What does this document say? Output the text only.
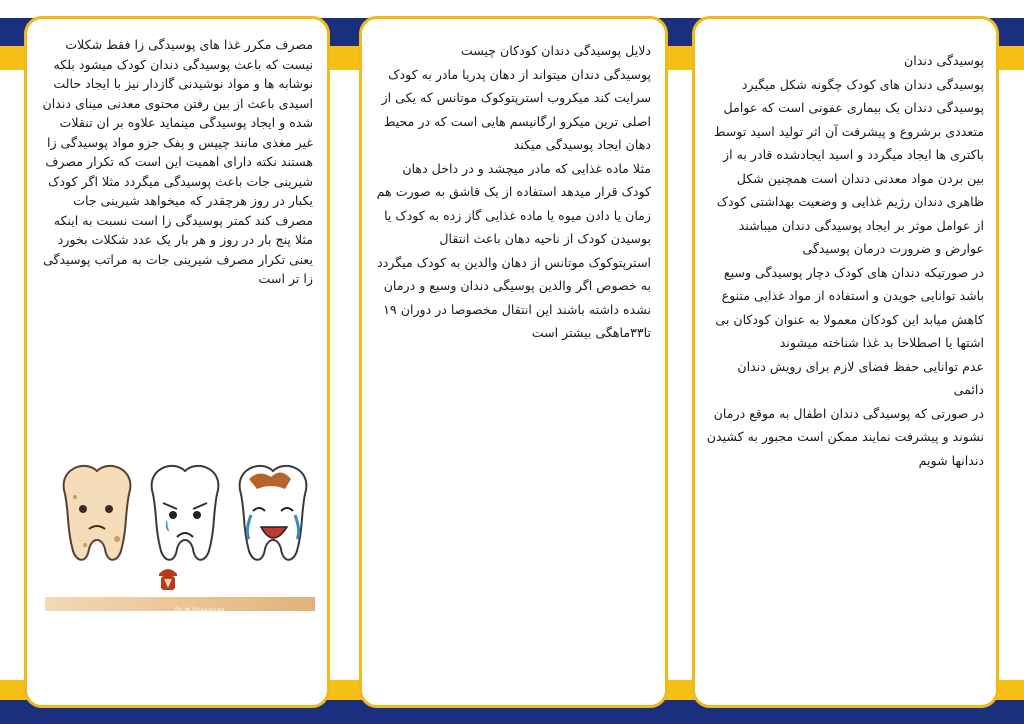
مصرف مکرر غذا های پوسیدگی زا فقط شکلات نیست که باعث پوسیدگی دندان کودک میشود بلکه نوشابه ها و مواد نوشیدنی گازدار نیز با ایجاد حالت اسیدی باعث از بین رفتن محتوی معدنی مینای دندان شده و ایجاد پوسیدگی مینماید علاوه بر ان تنقلات غیر مغذی مانند چیپس و پفک جزو مواد پوسیدگی زا هستند نکته دارای اهمیت این است که تکرار مصرف شیرینی جات باعث پوسیدگی میگردد مثلا اگر کودک یکبار در روز هرچقدر که میخواهد شیرینی جات مصرف کند کمتر پوسیدگی زا است نسبت به اینکه مثلا پنج بار در روز و هر بار یک عدد شکلات بخورد یعنی تکرار مصرف شیرینی جات به مراتب پوسیدگی زا تر است

Dr.M.Shekarian

دلایل پوسیدگی دندان کودکان چیست

پوسیدگی دندان میتواند از دهان پدریا مادر به کودک سرایت کند میکروب استرپتوکوک موتانس که یکی از اصلی ترین میکرو ارگانیسم هایی است که در محیط دهان ایجاد پوسیدگی میکند

مثلا ماده غذایی که مادر میچشد و در داخل دهان کودک قرار میدهد استفاده از یک قاشق به صورت هم زمان یا دادن میوه یا ماده غذایی گاز زده به کودک یا بوسیدن کودک از ناحیه دهان باعث انتقال استرپتوکوک موتانس از دهان والدین به کودک میگردد به خصوص اگر والدین پوسیگی دندان وسیع و درمان نشده داشته باشند این انتقال مخصوصا در دوران ۱۹ تا۳۳ماهگی بیشتر است

پوسیدگی دندان

پوسیدگی دندان های کودک چگونه شکل میگیرد

پوسیدگی دندان یک بیماری عفونی است که عوامل متعددی برشروع و پیشرفت آن اثر تولید اسید توسط باکتری ها ایجاد میگردد و اسید ایجادشده قادر به از بین بردن مواد معدنی دندان است همچنین شکل ظاهری دندان رژیم غذایی و وضعیت بهداشتی کودک از عوامل موثر بر ایجاد پوسیدگی دندان میباشند

عوارض و ضرورت درمان پوسیدگی

در صورتیکه دندان های کودک دچار پوسیدگی وسیع باشد توانایی جویدن و استفاده از مواد غذایی متنوع کاهش میابد این کودکان معمولا به عنوان کودکان بی اشتها یا اصطلاحا بد غذا شناخته میشوند

عدم توانایی حفظ فضای لازم برای رویش دندان دائمی

در صورتی که پوسیدگی دندان اطفال به موقع درمان نشوند و پیشرفت نمایند ممکن است مجبور به کشیدن دندانها شویم
